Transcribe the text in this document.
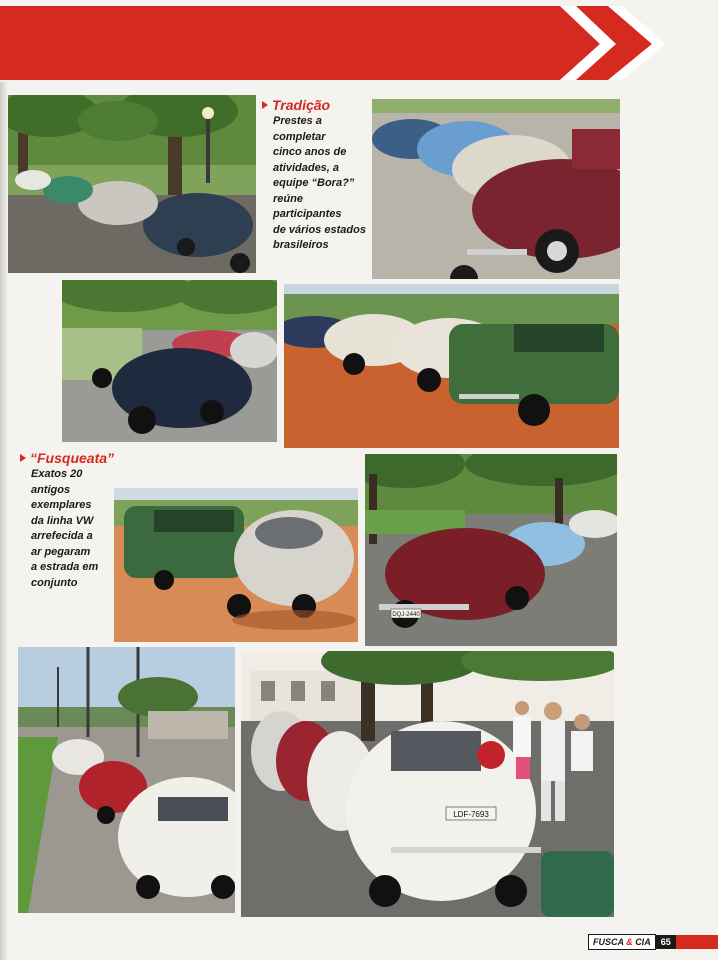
Tradição
Prestes a completar
cinco anos de
atividades, a
equipe “Bora?”
reúne participantes
de vários estados
brasileiros
“Fusqueata”
Exatos 20 antigos
exemplares
da linha VW
arrefecida a
ar pegaram
a estrada em
conjunto
DQJ-2440
LDF-7693
FUSCA & CIA	65
